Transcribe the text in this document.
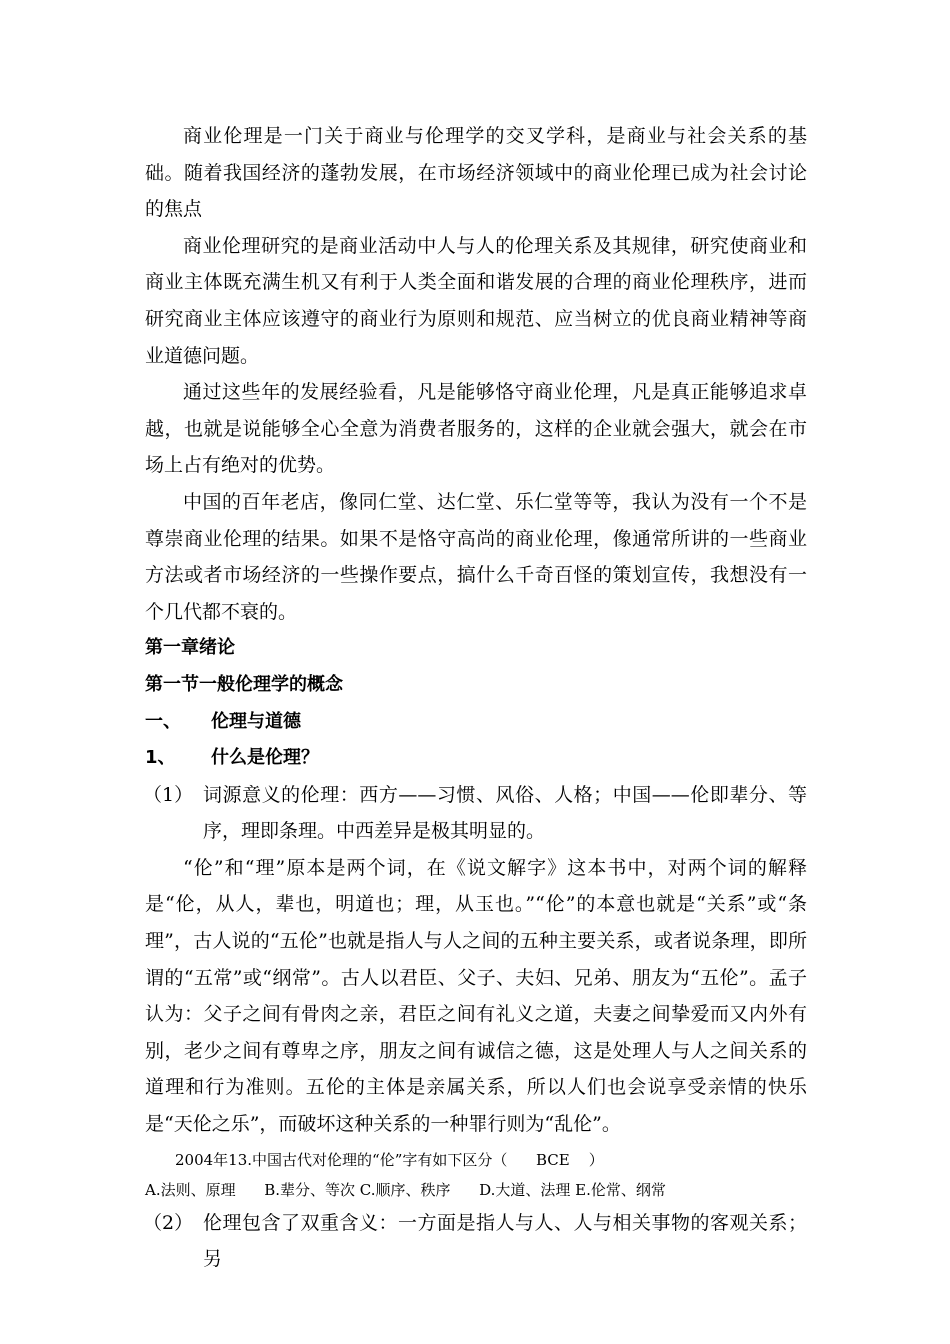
商业伦理是一门关于商业与伦理学的交叉学科，是商业与社会关系的基础。随着我国经济的蓬勃发展，在市场经济领域中的商业伦理已成为社会讨论的焦点

商业伦理研究的是商业活动中人与人的伦理关系及其规律，研究使商业和商业主体既充满生机又有利于人类全面和谐发展的合理的商业伦理秩序，进而研究商业主体应该遵守的商业行为原则和规范、应当树立的优良商业精神等商业道德问题。

通过这些年的发展经验看，凡是能够恪守商业伦理，凡是真正能够追求卓越，也就是说能够全心全意为消费者服务的，这样的企业就会强大，就会在市场上占有绝对的优势。

中国的百年老店，像同仁堂、达仁堂、乐仁堂等等，我认为没有一个不是尊崇商业伦理的结果。如果不是恪守高尚的商业伦理，像通常所讲的一些商业方法或者市场经济的一些操作要点，搞什么千奇百怪的策划宣传，我想没有一个几代都不衰的。

第一章绪论

第一节一般伦理学的概念

一、 伦理与道德

1、 什么是伦理？

（1） 词源意义的伦理：西方——习惯、风俗、人格；中国——伦即辈分、等序，理即条理。中西差异是极其明显的。

“伦”和“理”原本是两个词，在《说文解字》这本书中，对两个词的解释是“伦，从人，辈也，明道也；理，从玉也。”“伦”的本意也就是“关系”或“条理”，古人说的“五伦”也就是指人与人之间的五种主要关系，或者说条理，即所谓的“五常”或“纲常”。古人以君臣、父子、夫妇、兄弟、朋友为“五伦”。孟子认为：父子之间有骨肉之亲，君臣之间有礼义之道，夫妻之间挚爱而又内外有别，老少之间有尊卑之序，朋友之间有诚信之德，这是处理人与人之间关系的道理和行为准则。五伦的主体是亲属关系，所以人们也会说享受亲情的快乐是“天伦之乐”，而破坏这种关系的一种罪行则为“乱伦”。

2004年13.中国古代对伦理的“伦”字有如下区分（      BCE    ）

A.法则、原理      B.辈分、等次 C.顺序、秩序      D.大道、法理 E.伦常、纲常

（2） 伦理包含了双重含义：一方面是指人与人、人与相关事物的客观关系；另
